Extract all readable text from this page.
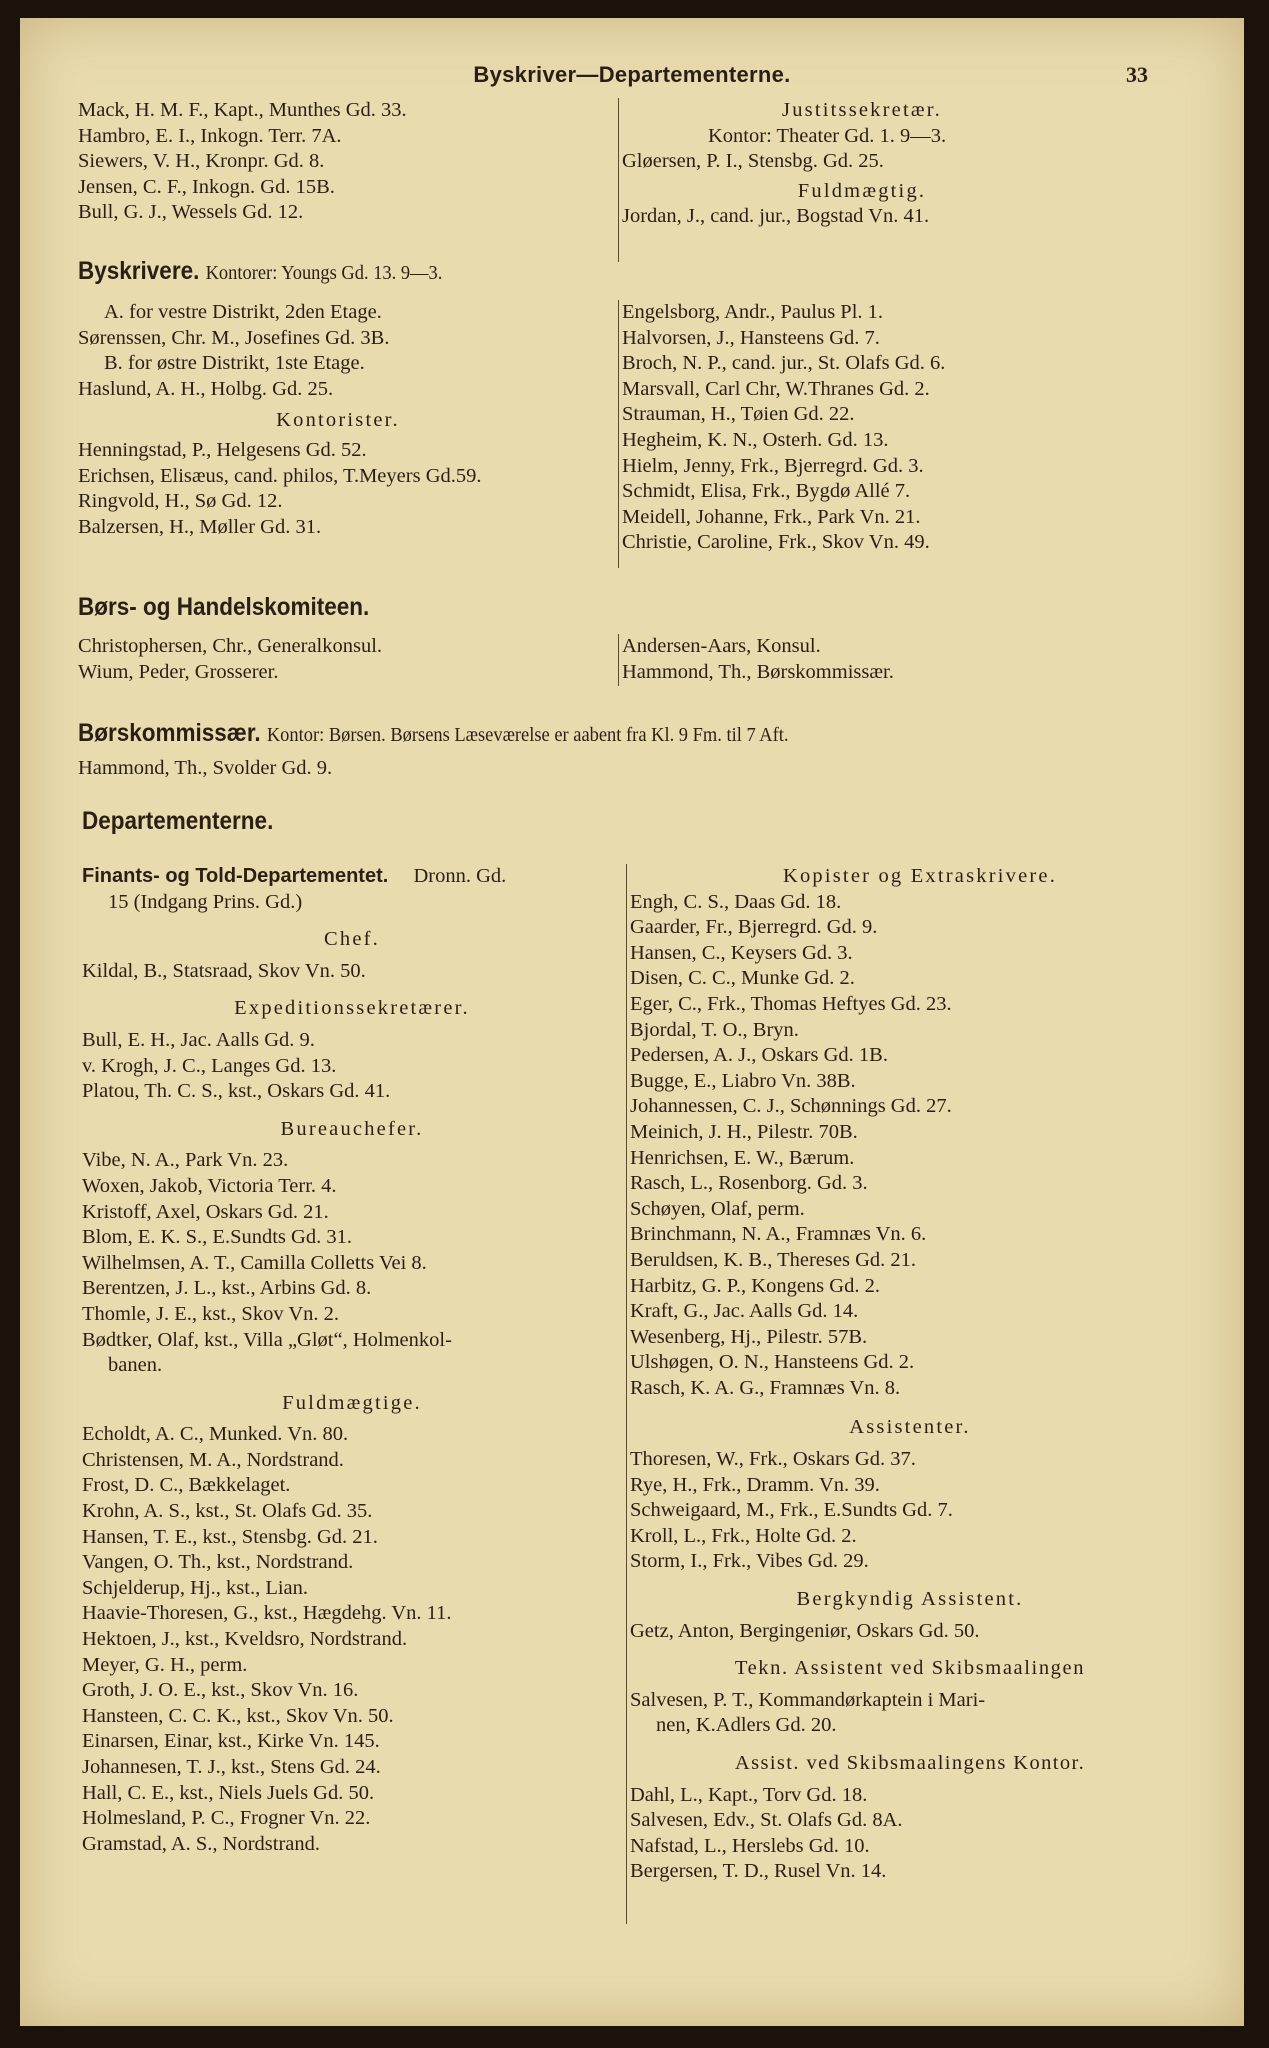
Byskriver—Departementerne.	33
Mack, H. M. F., Kapt., Munthes Gd. 33.
Hambro, E. I., Inkogn. Terr. 7A.
Siewers, V. H., Kronpr. Gd. 8.
Jensen, C. F., Inkogn. Gd. 15B.
Bull, G. J., Wessels Gd. 12.
Justitssekretær.
Kontor: Theater Gd. 1. 9—3.
Gløersen, P. I., Stensbg. Gd. 25.
Fuldmægtig.
Jordan, J., cand. jur., Bogstad Vn. 41.
Byskrivere. Kontorer: Youngs Gd. 13. 9—3.
A. for vestre Distrikt, 2den Etage.
Sørenssen, Chr. M., Josefines Gd. 3B.
B. for østre Distrikt, 1ste Etage.
Haslund, A. H., Holbg. Gd. 25.
Kontorister.
Henningstad, P., Helgesens Gd. 52.
Erichsen, Elisæus, cand. philos, T.Meyers Gd.59.
Ringvold, H., Sø Gd. 12.
Balzersen, H., Møller Gd. 31.
Engelsborg, Andr., Paulus Pl. 1.
Halvorsen, J., Hansteens Gd. 7.
Broch, N. P., cand. jur., St. Olafs Gd. 6.
Marsvall, Carl Chr, W.Thranes Gd. 2.
Strauman, H., Tøien Gd. 22.
Hegheim, K. N., Osterh. Gd. 13.
Hielm, Jenny, Frk., Bjerregrd. Gd. 3.
Schmidt, Elisa, Frk., Bygdø Allé 7.
Meidell, Johanne, Frk., Park Vn. 21.
Christie, Caroline, Frk., Skov Vn. 49.
Børs- og Handelskomiteen.
Christophersen, Chr., Generalkonsul.
Wium, Peder, Grosserer.
Andersen-Aars, Konsul.
Hammond, Th., Børskommissær.
Børskommissær. Kontor: Børsen. Børsens Læseværelse er aabent fra Kl. 9 Fm. til 7 Aft.
Hammond, Th., Svolder Gd. 9.
Departementerne.
Finants- og Told-Departementet. Dronn. Gd.
15 (Indgang Prins. Gd.)
Chef.
Kildal, B., Statsraad, Skov Vn. 50.
Expeditionssekretærer.
Bull, E. H., Jac. Aalls Gd. 9.
v. Krogh, J. C., Langes Gd. 13.
Platou, Th. C. S., kst., Oskars Gd. 41.
Bureauchefer.
Vibe, N. A., Park Vn. 23.
Woxen, Jakob, Victoria Terr. 4.
Kristoff, Axel, Oskars Gd. 21.
Blom, E. K. S., E.Sundts Gd. 31.
Wilhelmsen, A. T., Camilla Colletts Vei 8.
Berentzen, J. L., kst., Arbins Gd. 8.
Thomle, J. E., kst., Skov Vn. 2.
Bødtker, Olaf, kst., Villa „Gløt“, Holmenkol-
banen.
Fuldmægtige.
Echoldt, A. C., Munked. Vn. 80.
Christensen, M. A., Nordstrand.
Frost, D. C., Bækkelaget.
Krohn, A. S., kst., St. Olafs Gd. 35.
Hansen, T. E., kst., Stensbg. Gd. 21.
Vangen, O. Th., kst., Nordstrand.
Schjelderup, Hj., kst., Lian.
Haavie-Thoresen, G., kst., Hægdehg. Vn. 11.
Hektoen, J., kst., Kveldsro, Nordstrand.
Meyer, G. H., perm.
Groth, J. O. E., kst., Skov Vn. 16.
Hansteen, C. C. K., kst., Skov Vn. 50.
Einarsen, Einar, kst., Kirke Vn. 145.
Johannesen, T. J., kst., Stens Gd. 24.
Hall, C. E., kst., Niels Juels Gd. 50.
Holmesland, P. C., Frogner Vn. 22.
Gramstad, A. S., Nordstrand.
Kopister og Extraskrivere.
Engh, C. S., Daas Gd. 18.
Gaarder, Fr., Bjerregrd. Gd. 9.
Hansen, C., Keysers Gd. 3.
Disen, C. C., Munke Gd. 2.
Eger, C., Frk., Thomas Heftyes Gd. 23.
Bjordal, T. O., Bryn.
Pedersen, A. J., Oskars Gd. 1B.
Bugge, E., Liabro Vn. 38B.
Johannessen, C. J., Schønnings Gd. 27.
Meinich, J. H., Pilestr. 70B.
Henrichsen, E. W., Bærum.
Rasch, L., Rosenborg. Gd. 3.
Schøyen, Olaf, perm.
Brinchmann, N. A., Framnæs Vn. 6.
Beruldsen, K. B., Thereses Gd. 21.
Harbitz, G. P., Kongens Gd. 2.
Kraft, G., Jac. Aalls Gd. 14.
Wesenberg, Hj., Pilestr. 57B.
Ulshøgen, O. N., Hansteens Gd. 2.
Rasch, K. A. G., Framnæs Vn. 8.
Assistenter.
Thoresen, W., Frk., Oskars Gd. 37.
Rye, H., Frk., Dramm. Vn. 39.
Schweigaard, M., Frk., E.Sundts Gd. 7.
Kroll, L., Frk., Holte Gd. 2.
Storm, I., Frk., Vibes Gd. 29.
Bergkyndig Assistent.
Getz, Anton, Bergingeniør, Oskars Gd. 50.
Tekn. Assistent ved Skibsmaalingen
Salvesen, P. T., Kommandørkaptein i Mari-
nen, K.Adlers Gd. 20.
Assist. ved Skibsmaalingens Kontor.
Dahl, L., Kapt., Torv Gd. 18.
Salvesen, Edv., St. Olafs Gd. 8A.
Nafstad, L., Herslebs Gd. 10.
Bergersen, T. D., Rusel Vn. 14.
